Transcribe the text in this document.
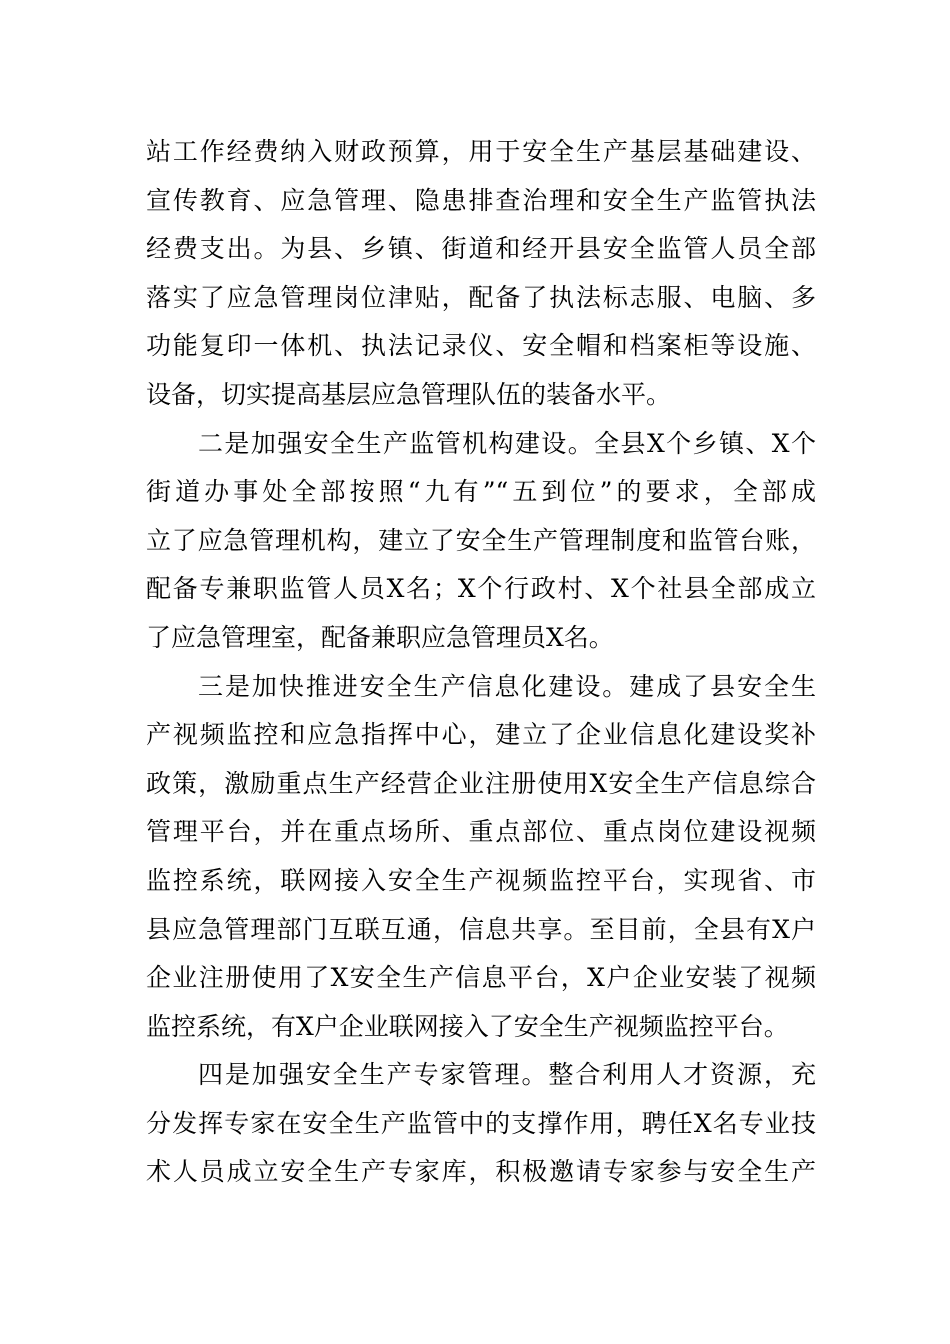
站工作经费纳入财政预算，用于安全生产基层基础建设、
宣传教育、应急管理、隐患排查治理和安全生产监管执法
经费支出。为县、乡镇、街道和经开县安全监管人员全部
落实了应急管理岗位津贴，配备了执法标志服、电脑、多
功能复印一体机、执法记录仪、安全帽和档案柜等设施、
设备，切实提高基层应急管理队伍的装备水平。
二是加强安全生产监管机构建设。全县X个乡镇、X个
街道办事处全部按照“九有”“五到位”的要求，全部成
立了应急管理机构，建立了安全生产管理制度和监管台账，
配备专兼职监管人员X名；X个行政村、X个社县全部成立
了应急管理室，配备兼职应急管理员X名。
三是加快推进安全生产信息化建设。建成了县安全生
产视频监控和应急指挥中心，建立了企业信息化建设奖补
政策，激励重点生产经营企业注册使用X安全生产信息综合
管理平台，并在重点场所、重点部位、重点岗位建设视频
监控系统，联网接入安全生产视频监控平台，实现省、市
县应急管理部门互联互通，信息共享。至目前，全县有X户
企业注册使用了X安全生产信息平台，X户企业安装了视频
监控系统，有X户企业联网接入了安全生产视频监控平台。
四是加强安全生产专家管理。整合利用人才资源，充
分发挥专家在安全生产监管中的支撑作用，聘任X名专业技
术人员成立安全生产专家库，积极邀请专家参与安全生产
